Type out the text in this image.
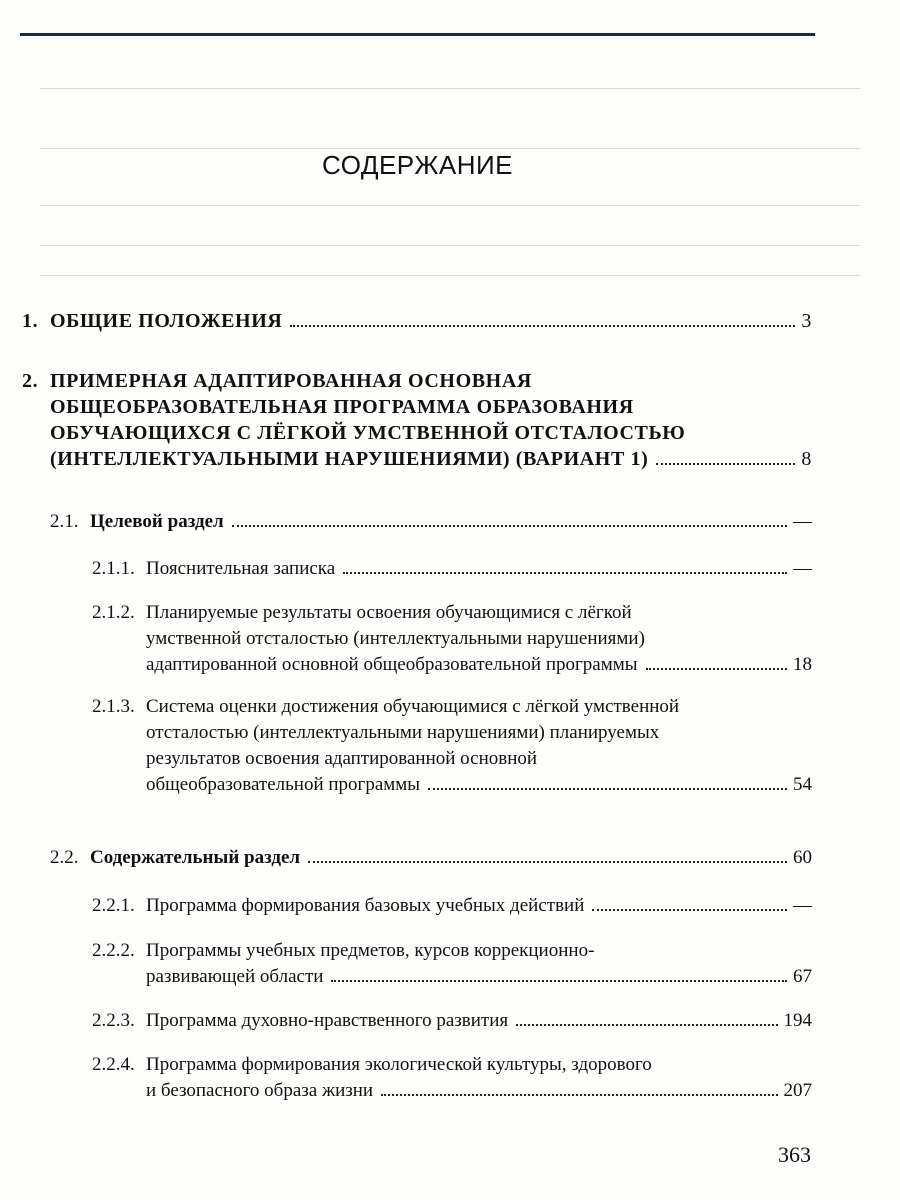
СОДЕРЖАНИЕ
1. ОБЩИЕ ПОЛОЖЕНИЯ	3
2. ПРИМЕРНАЯ АДАПТИРОВАННАЯ ОСНОВНАЯ
ОБЩЕОБРАЗОВАТЕЛЬНАЯ ПРОГРАММА ОБРАЗОВАНИЯ
ОБУЧАЮЩИХСЯ С ЛЁГКОЙ УМСТВЕННОЙ ОТСТАЛОСТЬЮ
(ИНТЕЛЛЕКТУАЛЬНЫМИ НАРУШЕНИЯМИ) (ВАРИАНТ 1)	8
2.1. Целевой раздел	—
2.1.1. Пояснительная записка	—
2.1.2. Планируемые результаты освоения обучающимися с лёгкой
умственной отсталостью (интеллектуальными нарушениями)
адаптированной основной общеобразовательной программы	18
2.1.3. Система оценки достижения обучающимися с лёгкой умственной
отсталостью (интеллектуальными нарушениями) планируемых
результатов освоения адаптированной основной
общеобразовательной программы	54
2.2. Содержательный раздел	60
2.2.1. Программа формирования базовых учебных действий	—
2.2.2. Программы учебных предметов, курсов коррекционно-
развивающей области	67
2.2.3. Программа духовно-нравственного развития	194
2.2.4. Программа формирования экологической культуры, здорового
и безопасного образа жизни	207
363
